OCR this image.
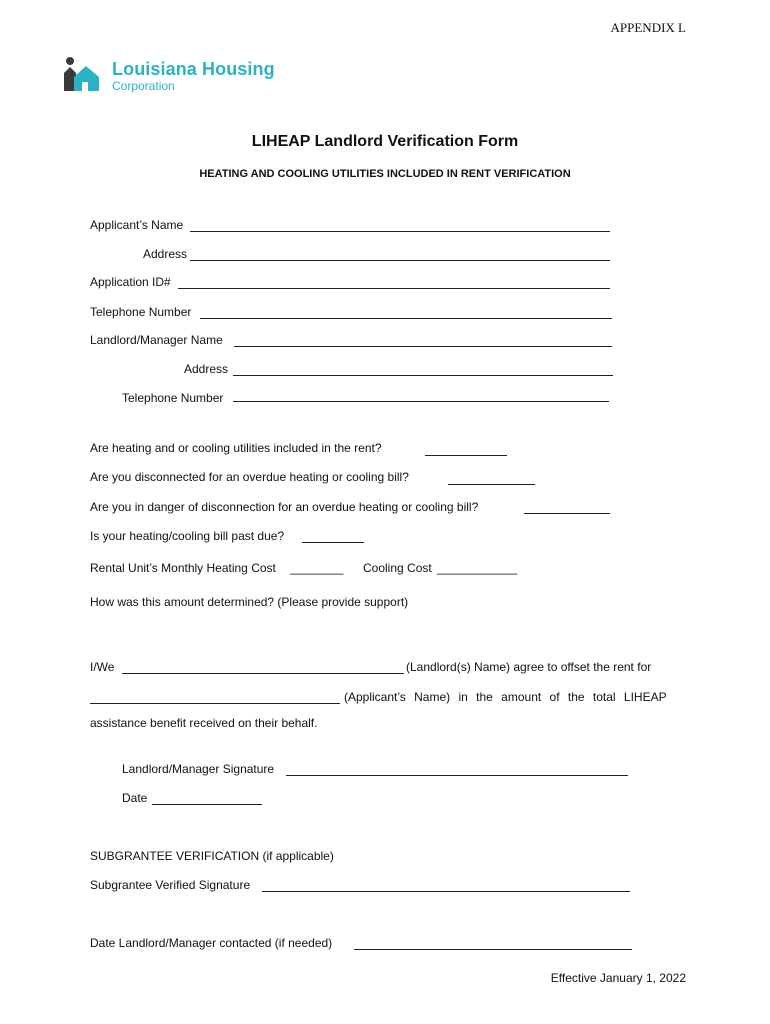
APPENDIX L
Louisiana Housing
Corporation
LIHEAP Landlord Verification Form
HEATING AND COOLING UTILITIES INCLUDED IN RENT VERIFICATION
Applicant’s Name
Address
Application ID#
Telephone Number
Landlord/Manager Name
Address
Telephone Number
Are heating and or cooling utilities included in the rent?
Are you disconnected for an overdue heating or cooling bill?
Are you in danger of disconnection for an overdue heating or cooling bill?
Is your heating/cooling bill past due?
Rental Unit’s Monthly Heating Cost ________ Cooling Cost ____________
How was this amount determined? (Please provide support)
I/We	(Landlord(s) Name) agree to offset the rent for
(Applicant’s Name) in the amount of the total LIHEAP
assistance benefit received on their behalf.
Landlord/Manager Signature
Date
SUBGRANTEE VERIFICATION (if applicable)
Subgrantee Verified Signature
Date Landlord/Manager contacted (if needed)
Effective January 1, 2022
